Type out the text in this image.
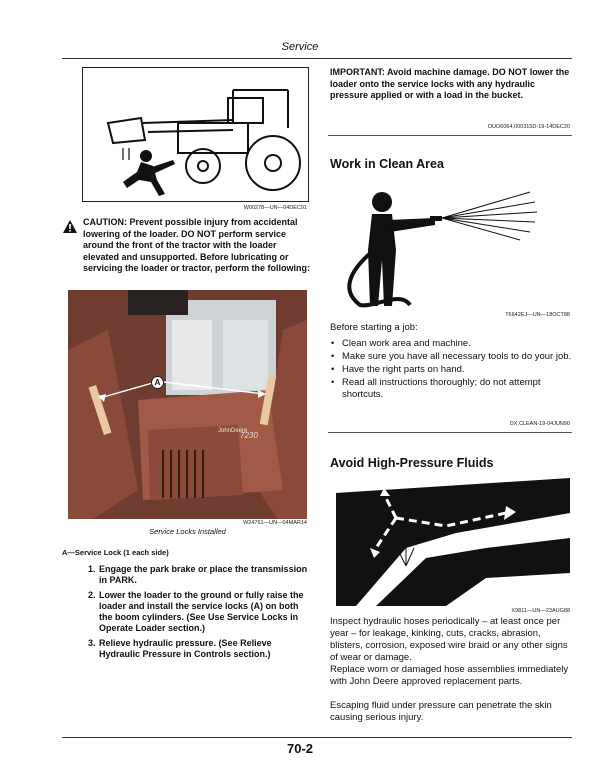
Service
W00278—UN—04DEC91
CAUTION: Prevent possible injury from accidental lowering of the loader. DO NOT perform service around the front of the tractor with the loader elevated and unsupported. Before lubricating or servicing the loader or tractor, perform the following:
7230
JohnDeere
A
W24761—UN—04MAR14
Service Locks Installed
A—Service Lock (1 each side)
1. Engage the park brake or place the transmission in PARK.
2. Lower the loader to the ground or fully raise the loader and install the service locks (A) on both the boom cylinders. (See Use Service Locks in Operate Loader section.)
3. Relieve hydraulic pressure. (See Relieve Hydraulic Pressure in Controls section.)
IMPORTANT: Avoid machine damage. DO NOT lower the loader onto the service locks with any hydraulic pressure applied or with a load in the bucket.
OUO6064,000315D-19-14DEC20
Work in Clean Area
T6642EJ—UN—18OCT88
Before starting a job:
• Clean work area and machine.
• Make sure you have all necessary tools to do your job.
• Have the right parts on hand.
• Read all instructions thoroughly; do not attempt shortcuts.
DX,CLEAN-19-04JUN90
Avoid High-Pressure Fluids
X9811—UN—23AUG88
Inspect hydraulic hoses periodically – at least once per year – for leakage, kinking, cuts, cracks, abrasion, blisters, corrosion, exposed wire braid or any other signs of wear or damage.
Replace worn or damaged hose assemblies immediately with John Deere approved replacement parts.
Escaping fluid under pressure can penetrate the skin causing serious injury.
70-2
